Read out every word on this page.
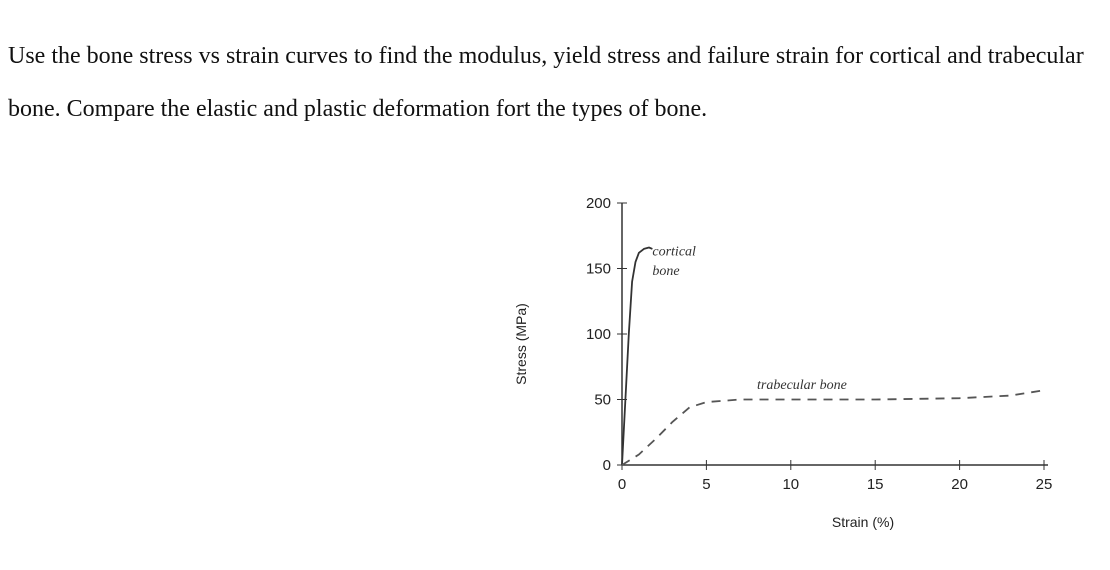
Use the bone stress vs strain curves to find the modulus, yield stress and failure strain for cortical and trabecular bone. Compare the elastic and plastic deformation fort the types of bone.

0	5	10	15	20	25
0
50
100
150
200
Strain (%)
Stress (MPa)
cortical bone
trabecular bone
